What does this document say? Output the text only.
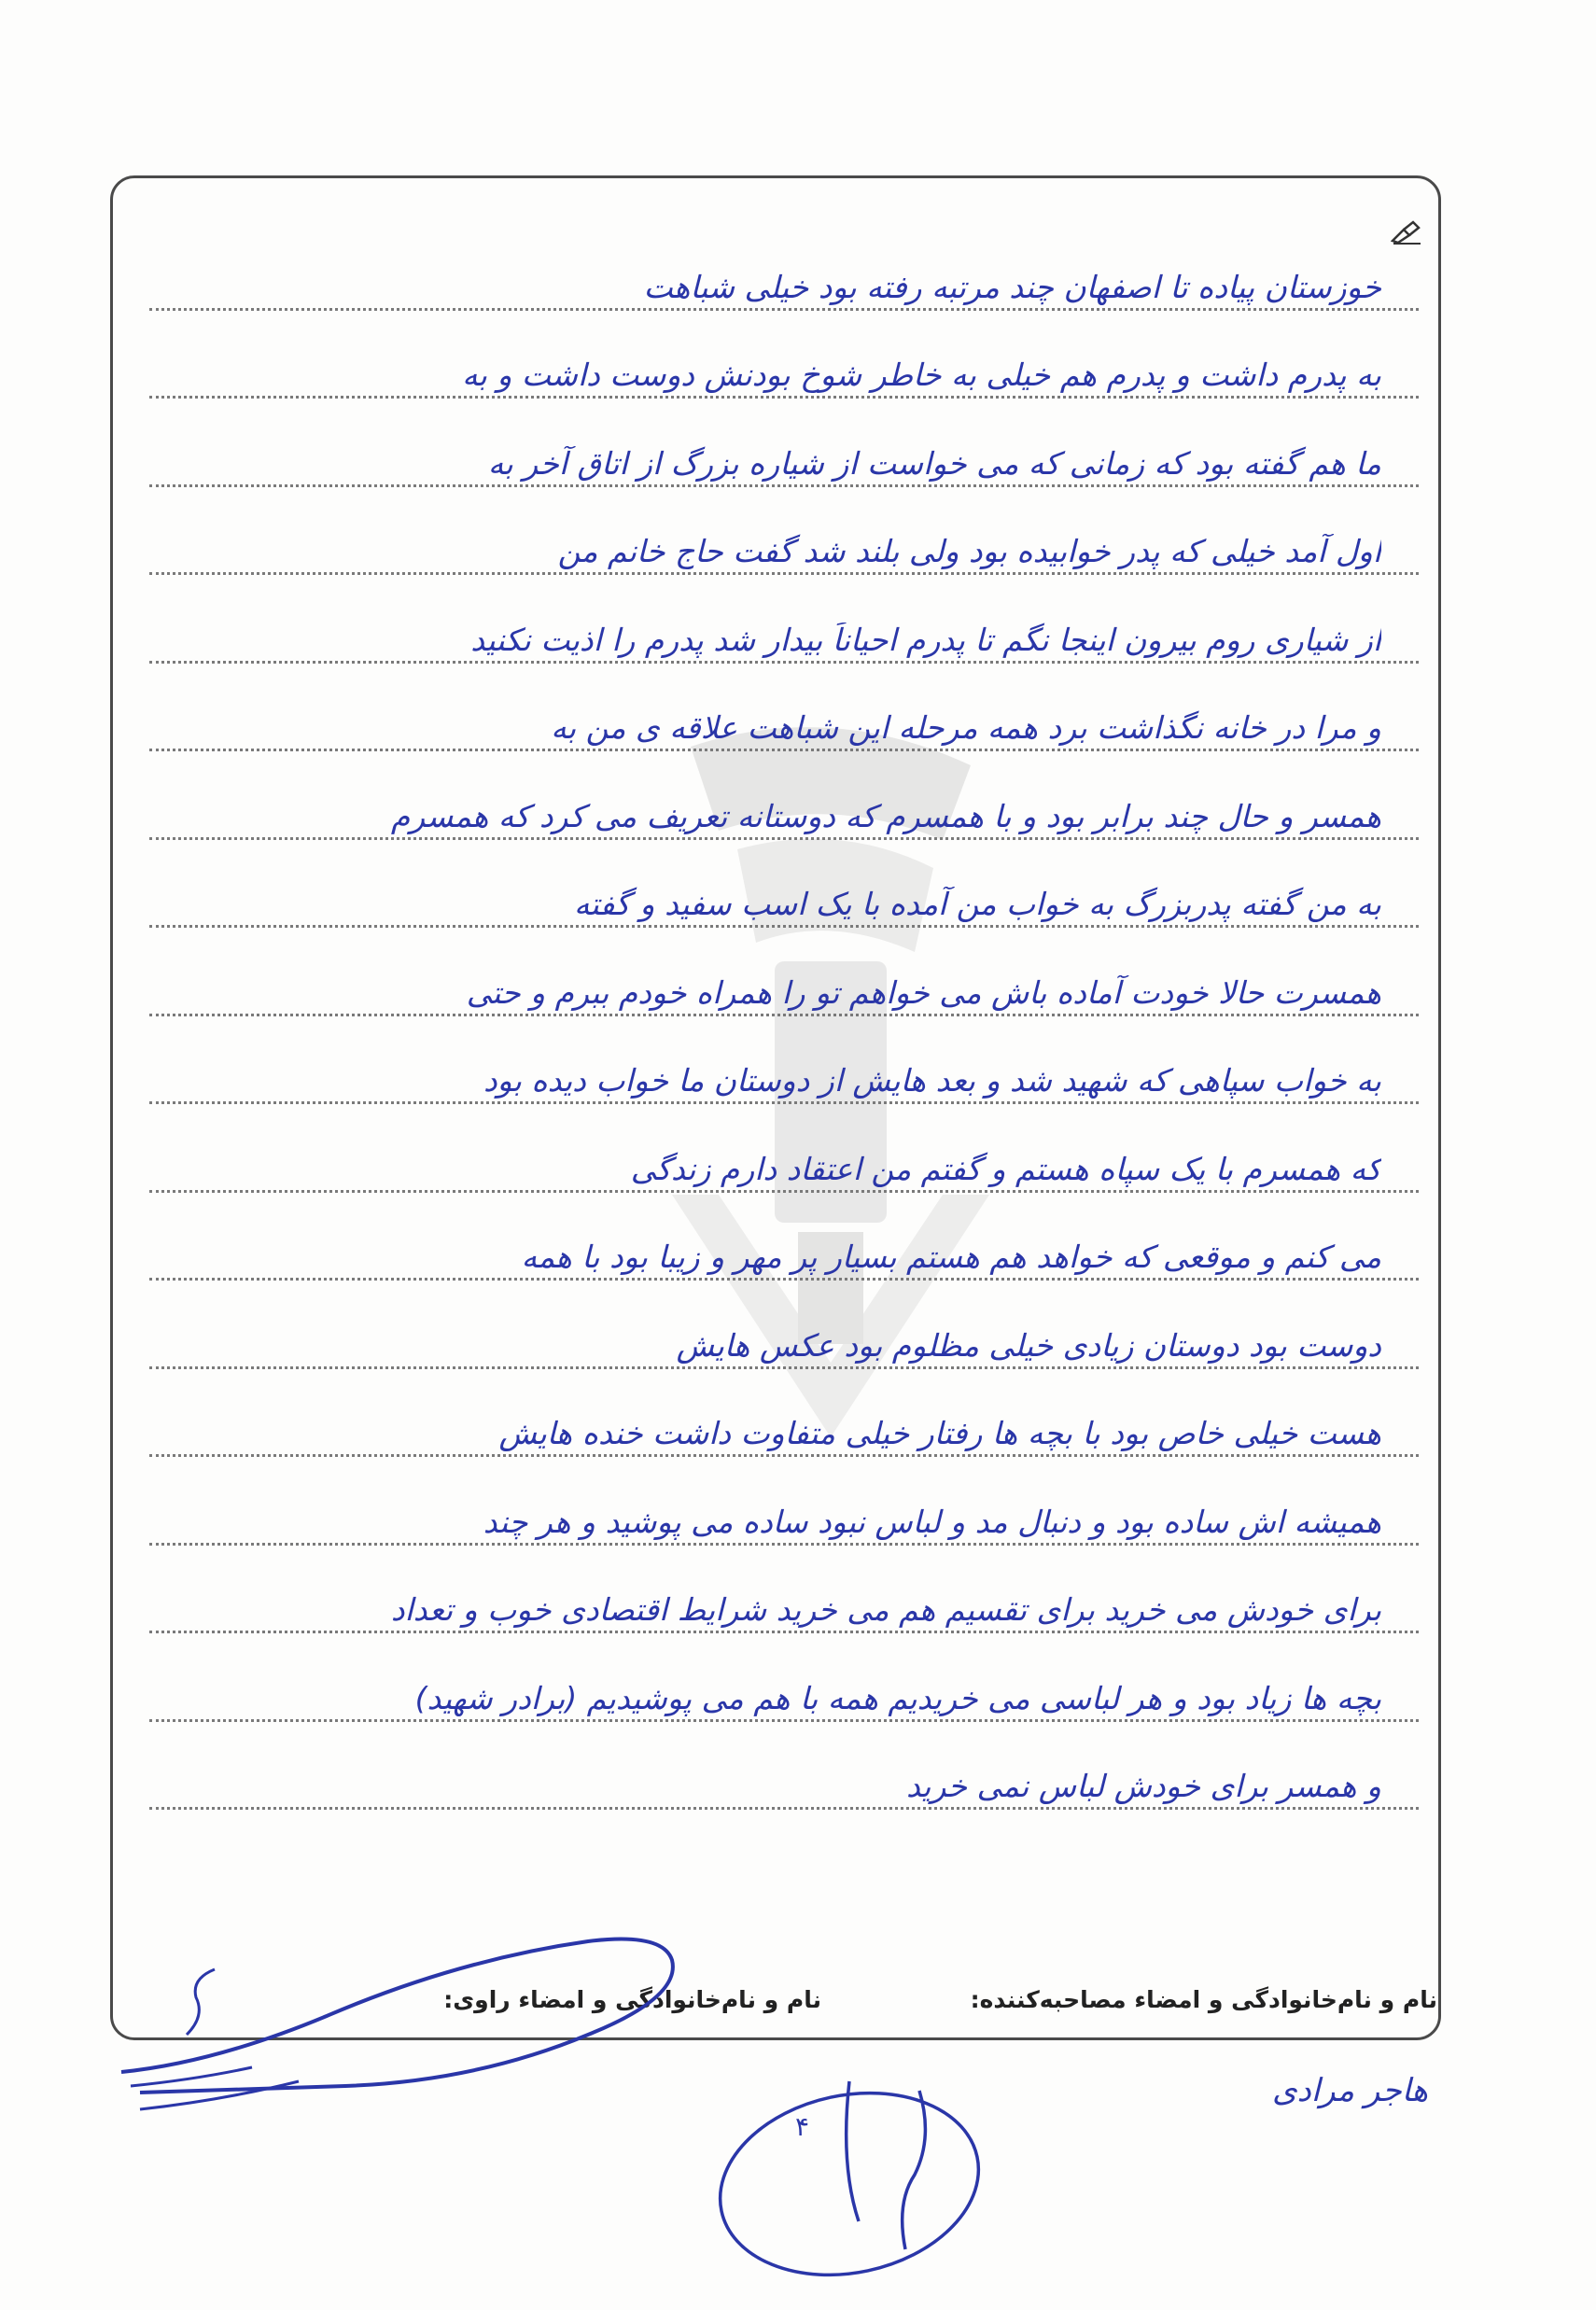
خوزستان پیاده تا اصفهان چند مرتبه رفته بود خیلی شباهت
به پدرم داشت و پدرم هم خیلی به خاطر شوخ بودنش دوست داشت و به
ما هم گفته بود که زمانی که می خواست از شیاره بزرگ از اتاق آخر به
اول آمد خیلی که پدر خوابیده بود ولی بلند شد گفت حاج خانم من
از شیاری روم بیرون اینجا نگم تا پدرم احیاناً بیدار شد پدرم را اذیت نکنید
و مرا در خانه نگذاشت برد همه مرحله این شباهت علاقه ی من به
همسر و حال چند برابر بود و با همسرم که دوستانه تعریف می کرد که همسرم
به من گفته پدربزرگ به خواب من آمده با یک اسب سفید و گفته
همسرت حالا خودت آماده باش می خواهم تو را همراه خودم ببرم و حتی
به خواب سپاهی که شهید شد و بعد هایش از دوستان ما خواب دیده بود
که همسرم با یک سپاه هستم و گفتم من اعتقاد دارم زندگی
می کنم و موقعی که خواهد هم هستم بسیار پر مهر و زیبا بود با همه
دوست بود دوستان زیادی خیلی مظلوم بود عکس هایش
هست خیلی خاص بود با بچه ها رفتار خیلی متفاوت داشت خنده هایش
همیشه اش ساده بود و دنبال مد و لباس نبود ساده می پوشید و هر چند
برای خودش می خرید برای تقسیم هم می خرید شرایط اقتصادی خوب و تعداد
بچه ها زیاد بود و هر لباسی می خریدیم همه با هم می پوشیدیم (برادر شهید)
و همسر برای خودش لباس نمی خرید
نام و نام‌خانوادگی و امضاء مصاحبه‌کننده:
نام و نام‌خانوادگی و امضاء راوی:
هاجر مرادی
۴
